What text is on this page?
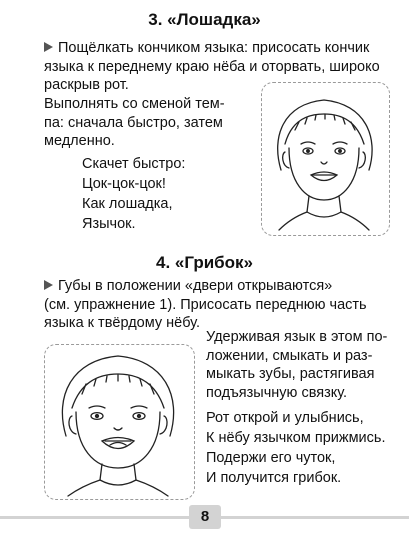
3. «Лошадка»
Пощёлкать кончиком языка: присосать кончик
языка к переднему краю нёба и оторвать, широко
раскрыв рот.
Выполнять со сменой тем-
па: сначала быстро, затем
медленно.
Скачет быстро:
Цок-цок-цок!
Как лошадка,
Язычок.
4. «Грибок»
Губы в положении «двери открываются»
(см. упражнение 1). Присосать переднюю часть
языка к твёрдому нёбу.
Удерживая язык в этом по-
ложении, смыкать и раз-
мыкать зубы, растягивая
подъязычную связку.
Рот открой и улыбнись,
К нёбу язычком прижмись.
Подержи его чуток,
И получится грибок.
8
